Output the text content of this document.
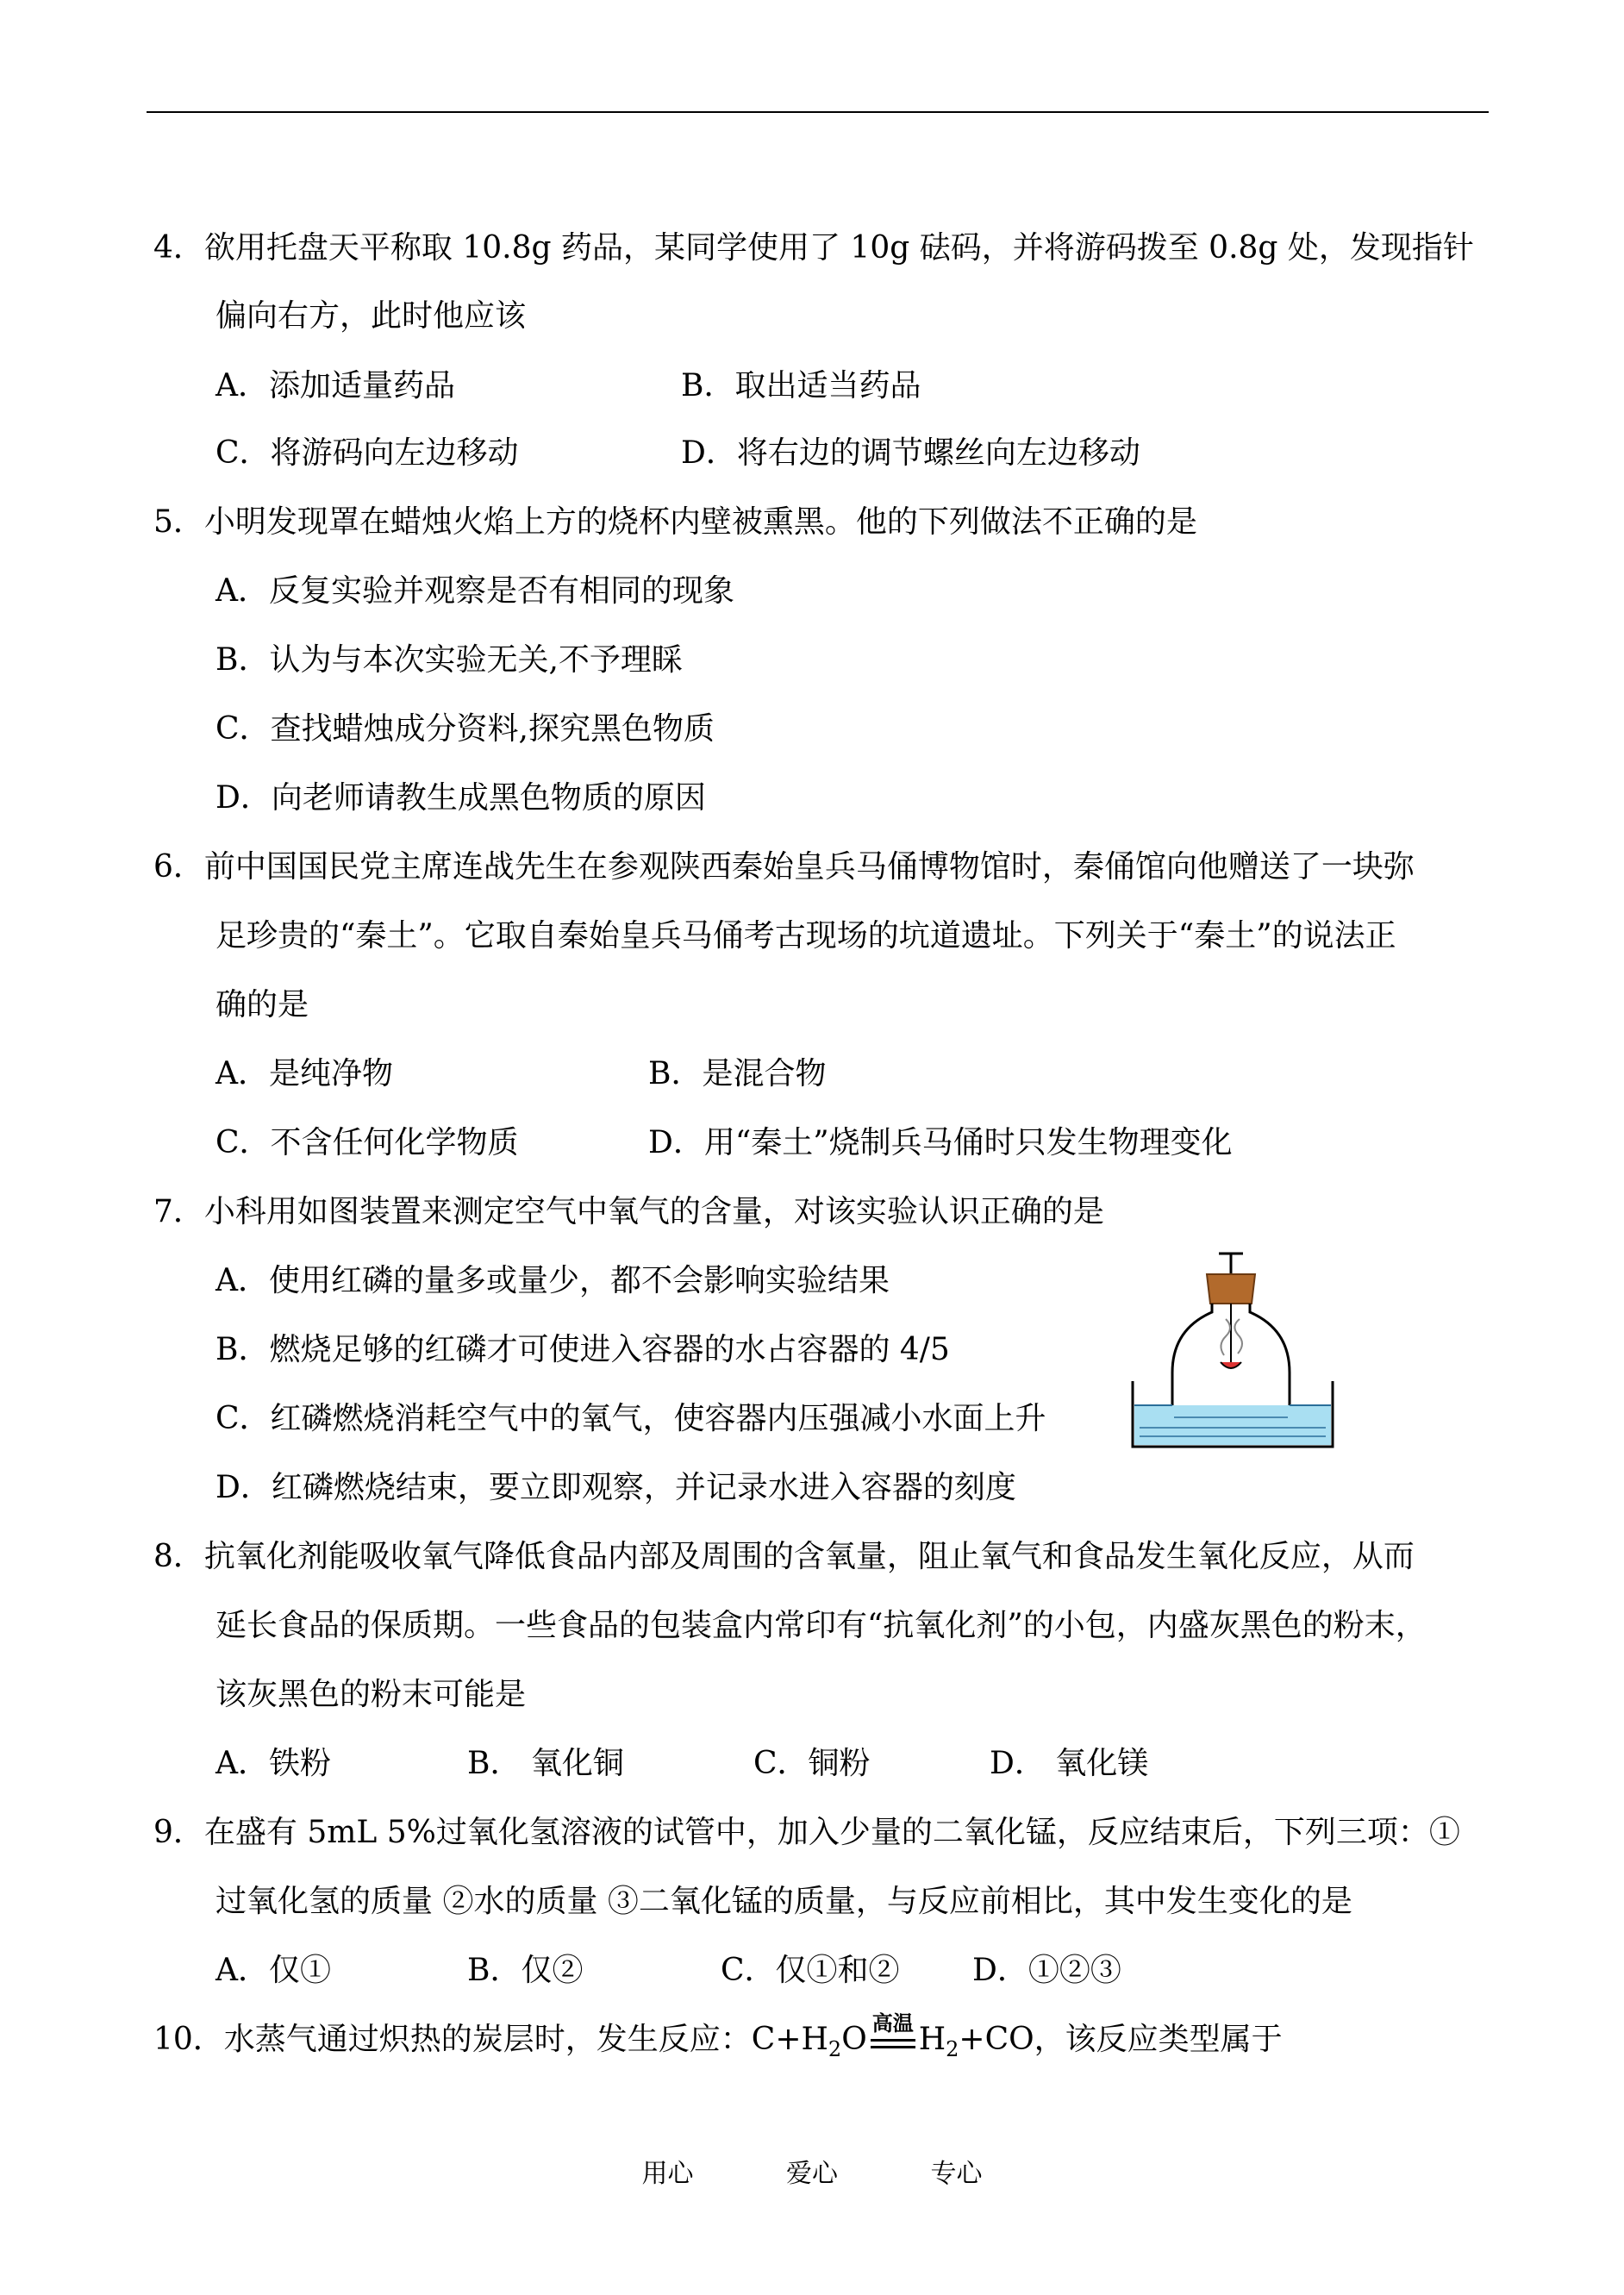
4．欲用托盘天平称取 10.8g 药品，某同学使用了 10g 砝码，并将游码拨至 0.8g 处，发现指针
偏向右方，此时他应该
A．添加适量药品	B．取出适当药品
C．将游码向左边移动	D．将右边的调节螺丝向左边移动
5．小明发现罩在蜡烛火焰上方的烧杯内壁被熏黑。他的下列做法不正确的是
A．反复实验并观察是否有相同的现象
B．认为与本次实验无关,不予理睬
C．查找蜡烛成分资料,探究黑色物质
D．向老师请教生成黑色物质的原因
6．前中国国民党主席连战先生在参观陕西秦始皇兵马俑博物馆时，秦俑馆向他赠送了一块弥
足珍贵的“秦土”。它取自秦始皇兵马俑考古现场的坑道遗址。下列关于“秦土”的说法正
确的是
A．是纯净物	B．是混合物
C．不含任何化学物质	D．用“秦土”烧制兵马俑时只发生物理变化
7．小科用如图装置来测定空气中氧气的含量，对该实验认识正确的是
A．使用红磷的量多或量少，都不会影响实验结果
B．燃烧足够的红磷才可使进入容器的水占容器的 4/5
C．红磷燃烧消耗空气中的氧气，使容器内压强减小水面上升
D．红磷燃烧结束，要立即观察，并记录水进入容器的刻度
8．抗氧化剂能吸收氧气降低食品内部及周围的含氧量，阻止氧气和食品发生氧化反应，从而
延长食品的保质期。一些食品的包装盒内常印有“抗氧化剂”的小包，内盛灰黑色的粉末，
该灰黑色的粉末可能是
A．铁粉	B． 氧化铜	C．铜粉	D． 氧化镁
9．在盛有 5mL 5%过氧化氢溶液的试管中，加入少量的二氧化锰，反应结束后，下列三项：①
过氧化氢的质量 ②水的质量 ③二氧化锰的质量，与反应前相比，其中发生变化的是
A．仅①	B．仅②	C．仅①和② D．①②③
10．水蒸气通过炽热的炭层时，发生反应：$C+H_2O$ 高温 $H_2+CO$，该反应类型属于
用心	爱心	专心
